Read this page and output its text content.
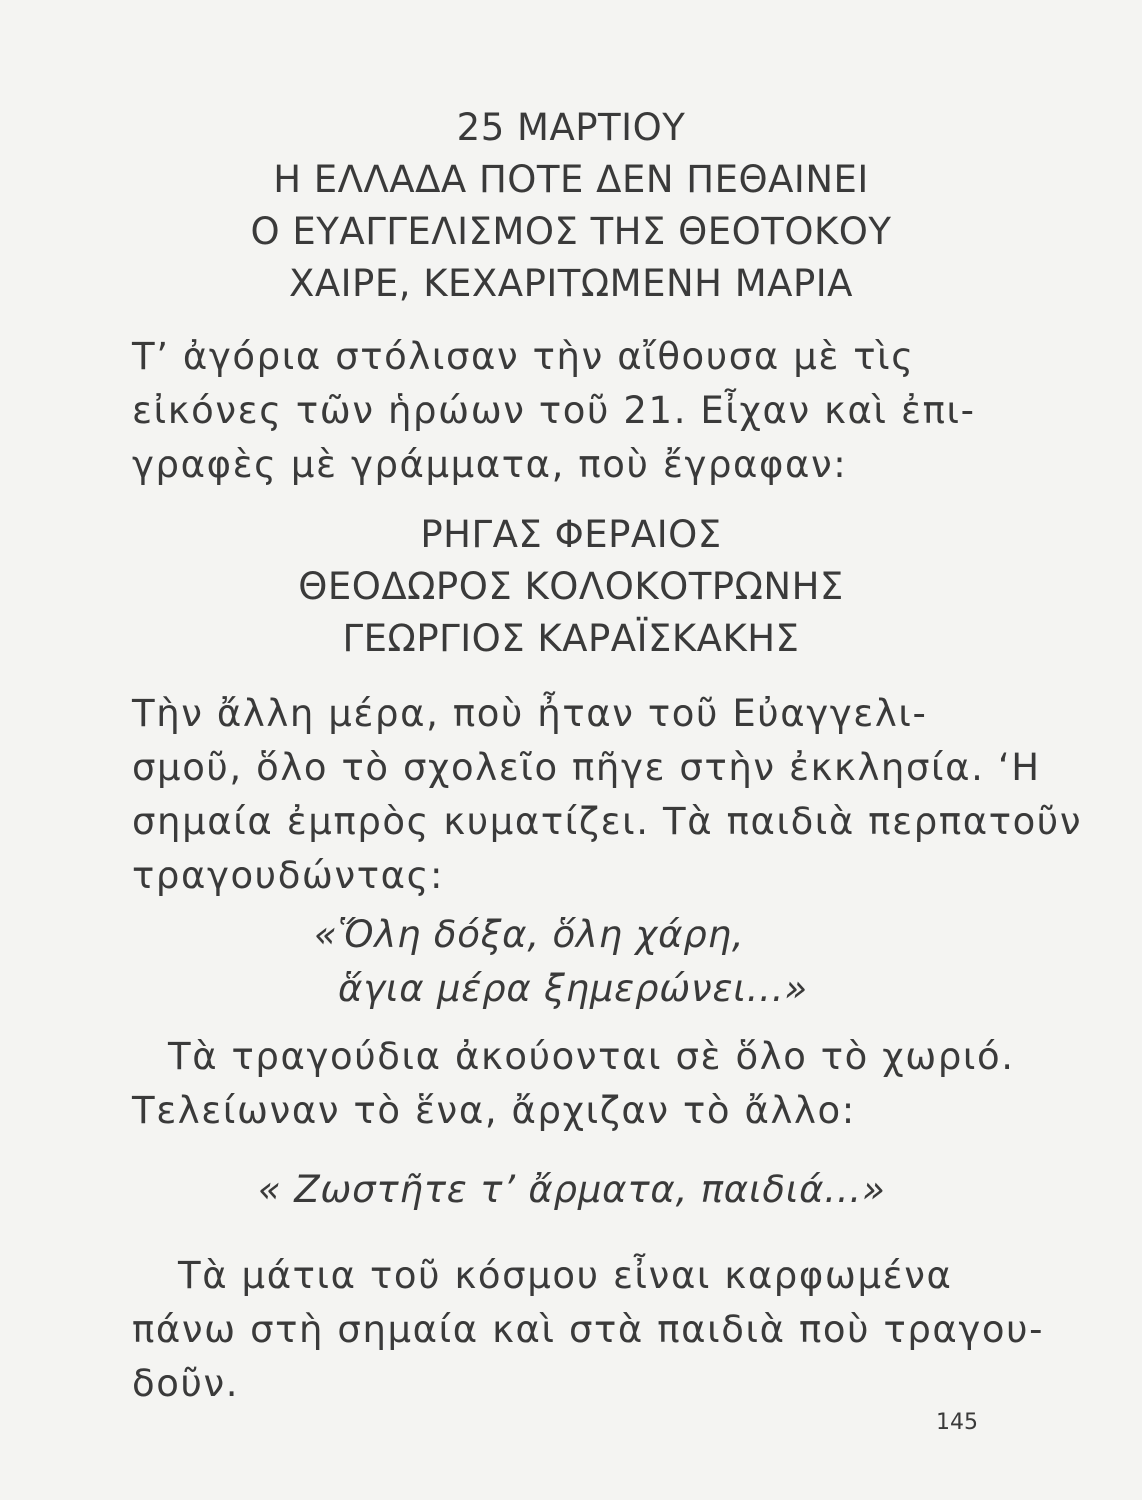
25 ΜΑΡΤΙΟΥ
Η ΕΛΛΑΔΑ ΠΟΤΕ ΔΕΝ ΠΕΘΑΙΝΕΙ
Ο ΕΥΑΓΓΕΛΙΣΜΟΣ ΤΗΣ ΘΕΟΤΟΚΟΥ
ΧΑΙΡΕ, ΚΕΧΑΡΙΤΩΜΕΝΗ ΜΑΡΙΑ
Τ’ ἀγόρια στόλισαν τὴν αἴθουσα μὲ τὶς
εἰκόνες τῶν ἡρώων τοῦ 21. Εἶχαν καὶ ἐπι-
γραφὲς μὲ γράμματα, ποὺ ἔγραφαν:
ΡΗΓΑΣ ΦΕΡΑΙΟΣ
ΘΕΟΔΩΡΟΣ ΚΟΛΟΚΟΤΡΩΝΗΣ
ΓΕΩΡΓΙΟΣ ΚΑΡΑΪΣΚΑΚΗΣ
Τὴν ἄλλη μέρα, ποὺ ἦταν τοῦ Εὐαγγελι-
σμοῦ, ὅλο τὸ σχολεῖο πῆγε στὴν ἐκκλησία. ‘Η
σημαία ἐμπρὸς κυματίζει. Τὰ παιδιὰ περπατοῦν
τραγουδώντας:
«Ὅλη δόξα, ὅλη χάρη,
ἅγια μέρα ξημερώνει...»
Τὰ τραγούδια ἀκούονται σὲ ὅλο τὸ χωριό.
Τελείωναν τὸ ἕνα, ἄρχιζαν τὸ ἄλλο:
« Ζωστῆτε τ’ ἄρματα, παιδιά...»
Τὰ μάτια τοῦ κόσμου εἶναι καρφωμένα
πάνω στὴ σημαία καὶ στὰ παιδιὰ ποὺ τραγου-
δοῦν.
145
